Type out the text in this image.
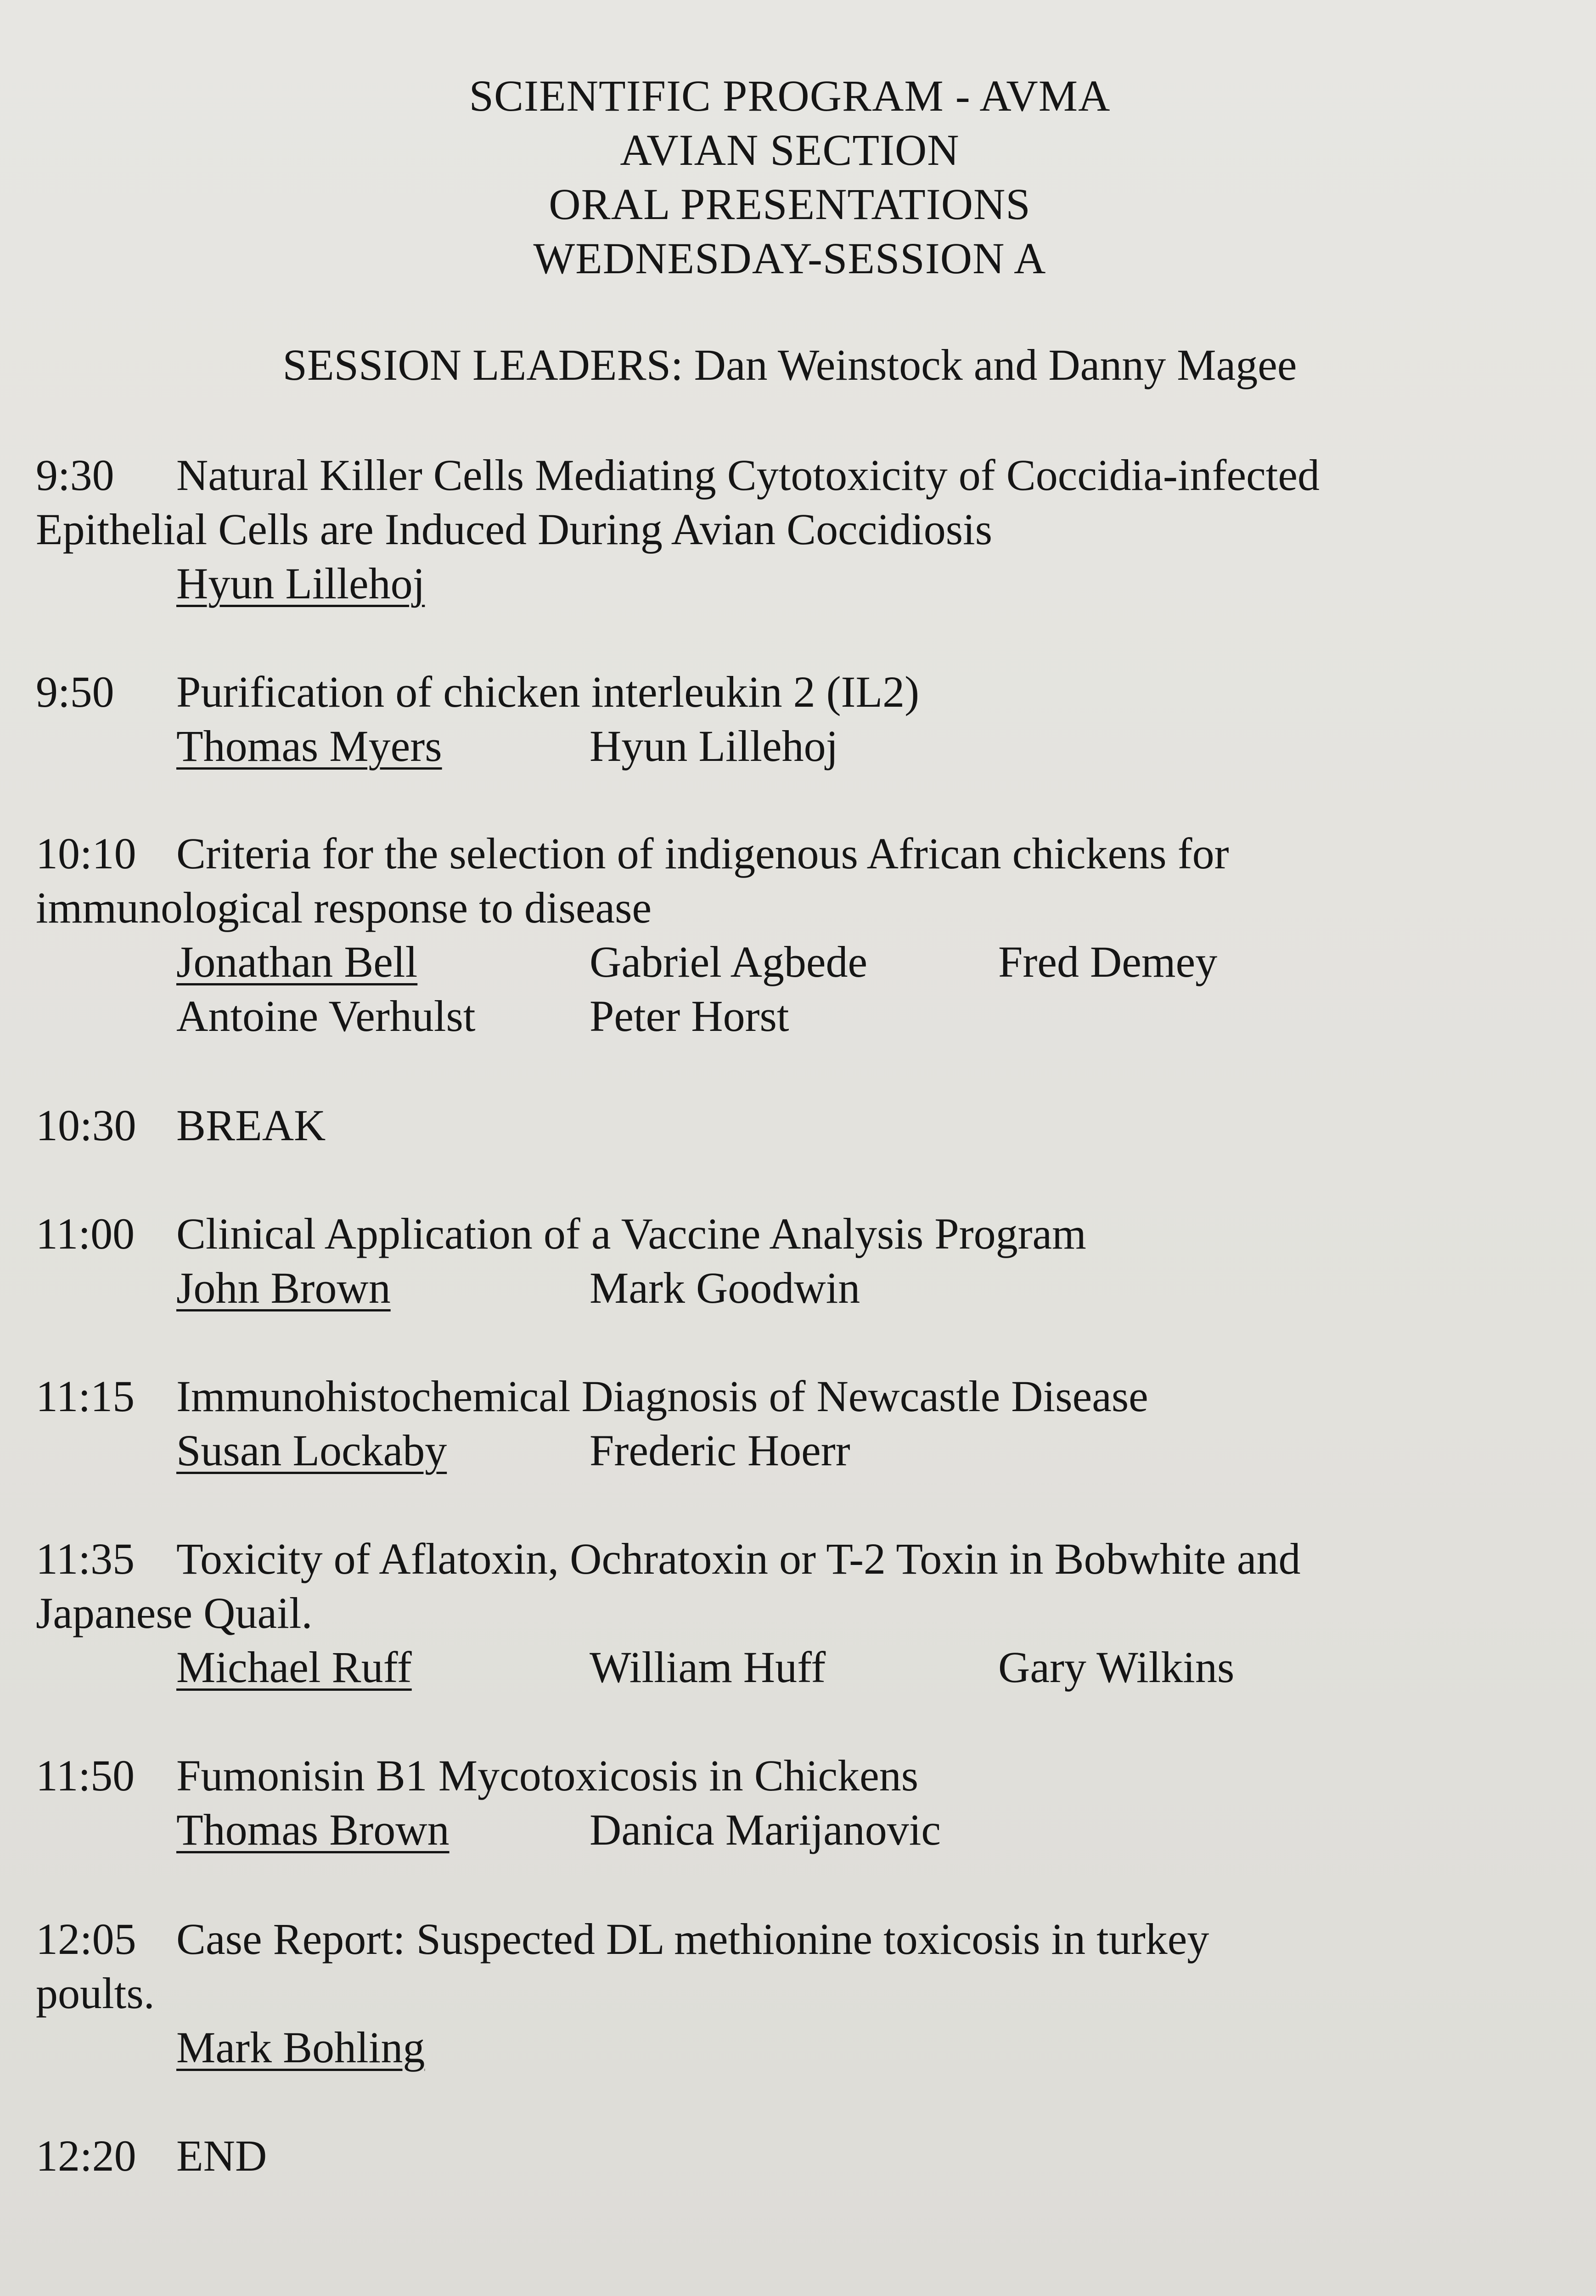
SCIENTIFIC PROGRAM - AVMA
AVIAN SECTION
ORAL PRESENTATIONS
WEDNESDAY-SESSION A
SESSION LEADERS: Dan Weinstock and Danny Magee
9:30 Natural Killer Cells Mediating Cytotoxicity of Coccidia-infected
Epithelial Cells are Induced During Avian Coccidiosis
Hyun Lillehoj
9:50 Purification of chicken interleukin 2 (IL2)
Thomas Myers	Hyun Lillehoj
10:10 Criteria for the selection of indigenous African chickens for
immunological response to disease
Jonathan Bell	Gabriel Agbede	Fred Demey
Antoine Verhulst	Peter Horst
10:30 BREAK
11:00 Clinical Application of a Vaccine Analysis Program
John Brown	Mark Goodwin
11:15 Immunohistochemical Diagnosis of Newcastle Disease
Susan Lockaby	Frederic Hoerr
11:35 Toxicity of Aflatoxin, Ochratoxin or T-2 Toxin in Bobwhite and
Japanese Quail.
Michael Ruff	William Huff	Gary Wilkins
11:50 Fumonisin B1 Mycotoxicosis in Chickens
Thomas Brown	Danica Marijanovic
12:05 Case Report: Suspected DL methionine toxicosis in turkey
poults.
Mark Bohling
12:20 END
